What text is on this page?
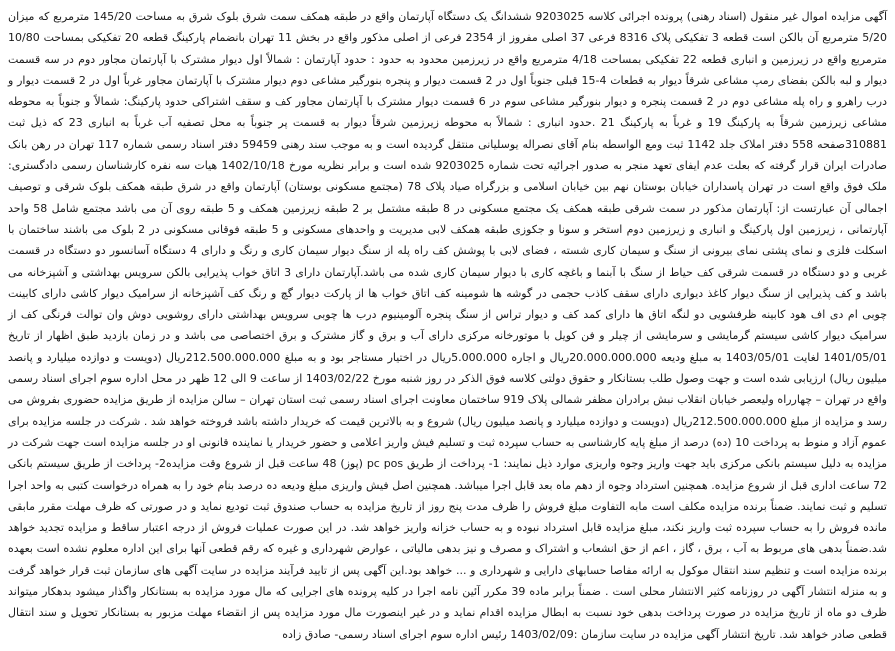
آگهی مزایده اموال غیر منقول (اسناد رهنی) پرونده اجرائی کلاسه 9203025 ششدانگ یک دستگاه آپارتمان واقع در طبقه همکف سمت شرق بلوک شرق به مساحت 145/20 مترمربع که میزان 5/20 مترمربع آن بالکن است قطعه 3 تفکیکی پلاک 8316 فرعی 37 اصلی مفروز از 2354 فرعی از اصلی مذکور واقع در بخش 11 تهران بانضمام پارکینگ قطعه 20 تفکیکی بمساحت 10/80 مترمربع واقع در زیرزمین و انباری قطعه 22 تفکیکی بمساحت 4/18 مترمربع واقع در زیرزمین محدود به حدود : حدود آپارتمان : شمالاً اول دیوار مشترک با آپارتمان مجاور دوم در سه قسمت دیوار و لبه بالکن بفضای رمپ مشاعی شرقاً دیوار به قطعات 4-15 قبلی جنوباً اول در 2 قسمت دیوار و پنجره بنورگیر مشاعی دوم دیوار مشترک با آپارتمان مجاور غرباً اول در 2 قسمت دیوار و درب راهرو و راه پله مشاعی دوم در 2 قسمت پنجره و دیوار بنورگیر مشاعی سوم در 6 قسمت دیوار مشترک با آپارتمان مجاور کف و سقف اشتراکی حدود پارکینگ: شمالاً و جنوباً به محوطه مشاعی زیرزمین شرقاً به پارکینگ 19 و غرباً به پارکینگ 21 .حدود انباری : شمالاً به محوطه زیرزمین شرقاً دیوار به قسمت پر جنوباً به محل تصفیه آب غرباً به انباری 23 که ذیل ثبت 310881صفحه 558 دفتر املاک جلد 1142 ثبت ومع الواسطه بنام آقای نصراله یوسلیانی منتقل گردیده است و به موجب سند رهنی 59459 دفتر اسناد رسمی شماره 117 تهران در رهن بانک صادرات ایران قرار گرفته که بعلت عدم ایفای تعهد منجر به صدور اجرائیه تحت شماره 9203025 شده است و برابر نظریه مورخ 1402/10/18 هیات سه نفره کارشناسان رسمی دادگستری: ملک فوق واقع است در تهران پاسداران خیابان بوستان نهم بین خیابان اسلامی و بزرگراه صیاد پلاک 78 (مجتمع مسکونی بوستان) آپارتمان واقع در شرق طبقه همکف بلوک شرقی و توصیف اجمالی آن عبارتست از: آپارتمان مذکور در سمت شرقی طبقه همکف یک مجتمع مسکونی در 8 طبقه مشتمل بر 2 طبقه زیرزمین همکف و 5 طبقه روی آن می باشد مجتمع شامل 58 واحد آپارتمانی ، زیرزمین اول پارکینگ و انباری و زیرزمین دوم استخر و سونا و جکوزی طبقه همکف لابی مدیریت و واحدهای مسکونی و 5 طبقه فوقانی مسکونی در 2 بلوک می باشند ساختمان با اسکلت فلزی و نمای پشتی نمای بیرونی از سنگ و سیمان کاری شسته ، فضای لابی با پوشش کف راه پله از سنگ دیوار سیمان کاری و رنگ و دارای 4 دستگاه آسانسور دو دستگاه در قسمت غربی و دو دستگاه در قسمت شرقی کف حیاط از سنگ با آبنما و باغچه کاری با دیوار سیمان کاری شده می باشد.آپارتمان دارای 3 اتاق خواب پذیرایی بالکن سرویس بهداشتی و آشپزخانه می باشد و کف پذیرایی از سنگ دیوار کاغذ دیواری دارای سقف کاذب حجمی در گوشه ها شومینه کف اتاق خواب ها از پارکت دیوار گچ و رنگ کف آشپزخانه از سرامیک دیوار کاشی دارای کابینت چوبی ام دی اف هود کابینه ظرفشویی دو لنگه اتاق ها دارای کمد کف و دیوار تراس از سنگ پنجره آلومینیوم درب ها چوبی سرویس بهداشتی دارای روشویی دوش وان توالت فرنگی کف از سرامیک دیوار کاشی سیستم گرمایشی و سرمایشی از چیلر و فن کویل با موتورخانه مرکزی دارای آب و برق و گاز مشترک و برق اختصاصی می باشد و در زمان بازدید طبق اظهار از تاریخ 1401/05/01 لغایت 1403/05/01 به مبلغ ودیعه 20.000.000.000ریال و اجاره 5.000.000ریال در اختیار مستاجر بود و به مبلغ 212.500.000.000ریال (دویست و دوازده میلیارد و پانصد میلیون ریال) ارزیابی شده است و جهت وصول طلب بستانکار و حقوق دولتی کلاسه فوق الذکر در روز شنبه مورخ 1403/02/22 از ساعت 9 الی 12 ظهر در محل اداره سوم اجرای اسناد رسمی واقع در تهران – چهارراه ولیعصر خیابان انقلاب نبش برادران مظفر شمالی پلاک 919 ساختمان معاونت اجرای اسناد رسمی ثبت استان تهران – سالن مزایده از طریق مزایده حضوری بفروش می رسد و مزایده از مبلغ 212.500.000.000ریال (دویست و دوازده میلیارد و پانصد میلیون ریال) شروع و به بالاترین قیمت که خریدار داشته باشد فروخته خواهد شد . شرکت در جلسه مزایده برای عموم آزاد و منوط به پرداخت 10 (ده) درصد از مبلغ پایه کارشناسی به حساب سپرده ثبت و تسلیم فیش واریز اعلامی و حضور خریدار یا نماینده قانونی او در جلسه مزایده است جهت شرکت در مزایده به دلیل سیستم بانکی مرکزی باید جهت واریز وجوه واریزی موارد ذیل نمایند: 1- پرداخت از طریق pc pos (پوز) 48 ساعت قبل از شروع وقت مزایده2- پرداخت از طریق سیستم بانکی 72 ساعت اداری قبل از شروع مزایده. همچنین استرداد وجوه از دهم ماه بعد قابل اجرا میباشد. همچنین اصل فیش واریزی مبلغ ودیعه ده درصد بنام خود را به همراه درخواست کتبی به واحد اجرا تسلیم و ثبت نمایند. ضمناً برنده مزایده مکلف است مابه التفاوت مبلغ فروش را ظرف مدت پنج روز از تاریخ مزایده به حساب صندوق ثبت تودیع نماید و در صورتی که ظرف مهلت مقرر مابقی مانده فروش را به حساب سپرده ثبت واریز نکند، مبلغ مزایده قابل استرداد نبوده و به حساب خزانه واریز خواهد شد. در این صورت عملیات فروش از درجه اعتبار ساقط و مزایده تجدید خواهد شد.ضمناً بدهی های مربوط به آب ، برق ، گاز ، اعم از حق انشعاب و اشتراک و مصرف و نیز بدهی مالیاتی ، عوارض شهرداری و غیره که رقم قطعی آنها برای این اداره معلوم نشده است بعهده برنده مزایده است و تنظیم سند انتقال موکول به ارائه مفاصا حسابهای دارایی و شهرداری و ... خواهد بود.این آگهی پس از تایید فرآیند مزایده در سایت آگهی های سازمان ثبت قرار خواهد گرفت و به منزله انتشار آگهی در روزنامه کثیر الانتشار محلی است . ضمناً برابر ماده 39 مکرر آئین نامه اجرا در کلیه پرونده های اجرایی که مال مورد مزایده به بستانکار واگذار میشود بدهکار میتواند ظرف دو ماه از تاریخ مزایده در صورت پرداخت بدهی خود نسبت به ابطال مزایده اقدام نماید و در غیر اینصورت مال مورد مزایده پس از انقضاء مهلت مزبور به بستانکار تحویل و سند انتقال قطعی صادر خواهد شد. تاریخ انتشار آگهی مزایده در سایت سازمان :1403/02/09 رئیس اداره سوم اجرای اسناد رسمی- صادق زاده
